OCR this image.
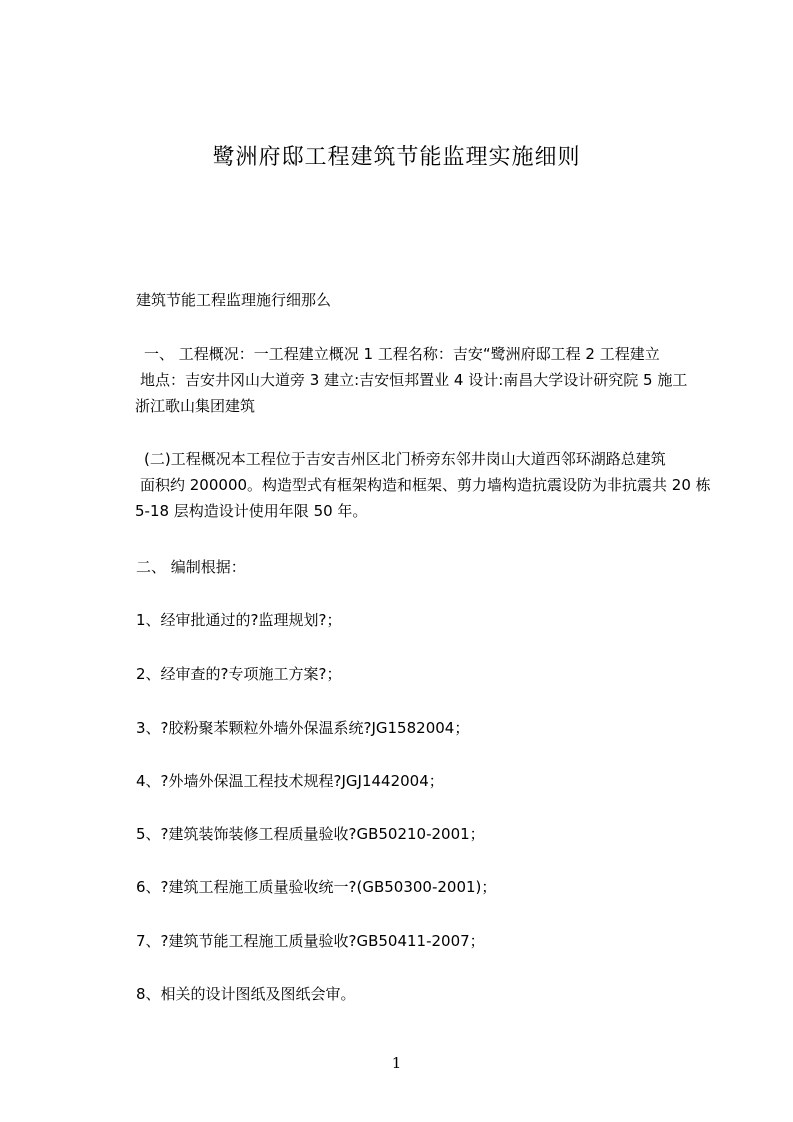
鹭洲府邸工程建筑节能监理实施细则
建筑节能工程监理施行细那么
一、 工程概况：一工程建立概况 1 工程名称：吉安“鹭洲府邸工程 2 工程建立
地点：吉安井冈山大道旁 3 建立:吉安恒邦置业 4 设计:南昌大学设计研究院 5 施工
浙江歌山集团建筑
(二)工程概况本工程位于吉安吉州区北门桥旁东邻井岗山大道西邻环湖路总建筑
面积约 200000。构造型式有框架构造和框架、剪力墙构造抗震设防为非抗震共 20 栋
5-18 层构造设计使用年限 50 年。
二、 编制根据：
1、经审批通过的?监理规划?；
2、经审查的?专项施工方案?；
3、?胶粉聚苯颗粒外墙外保温系统?JG1582004；
4、?外墙外保温工程技术规程?JGJ1442004；
5、?建筑装饰装修工程质量验收?GB50210-2001；
6、?建筑工程施工质量验收统一?(GB50300-2001)；
7、?建筑节能工程施工质量验收?GB50411-2007；
8、相关的设计图纸及图纸会审。
1
